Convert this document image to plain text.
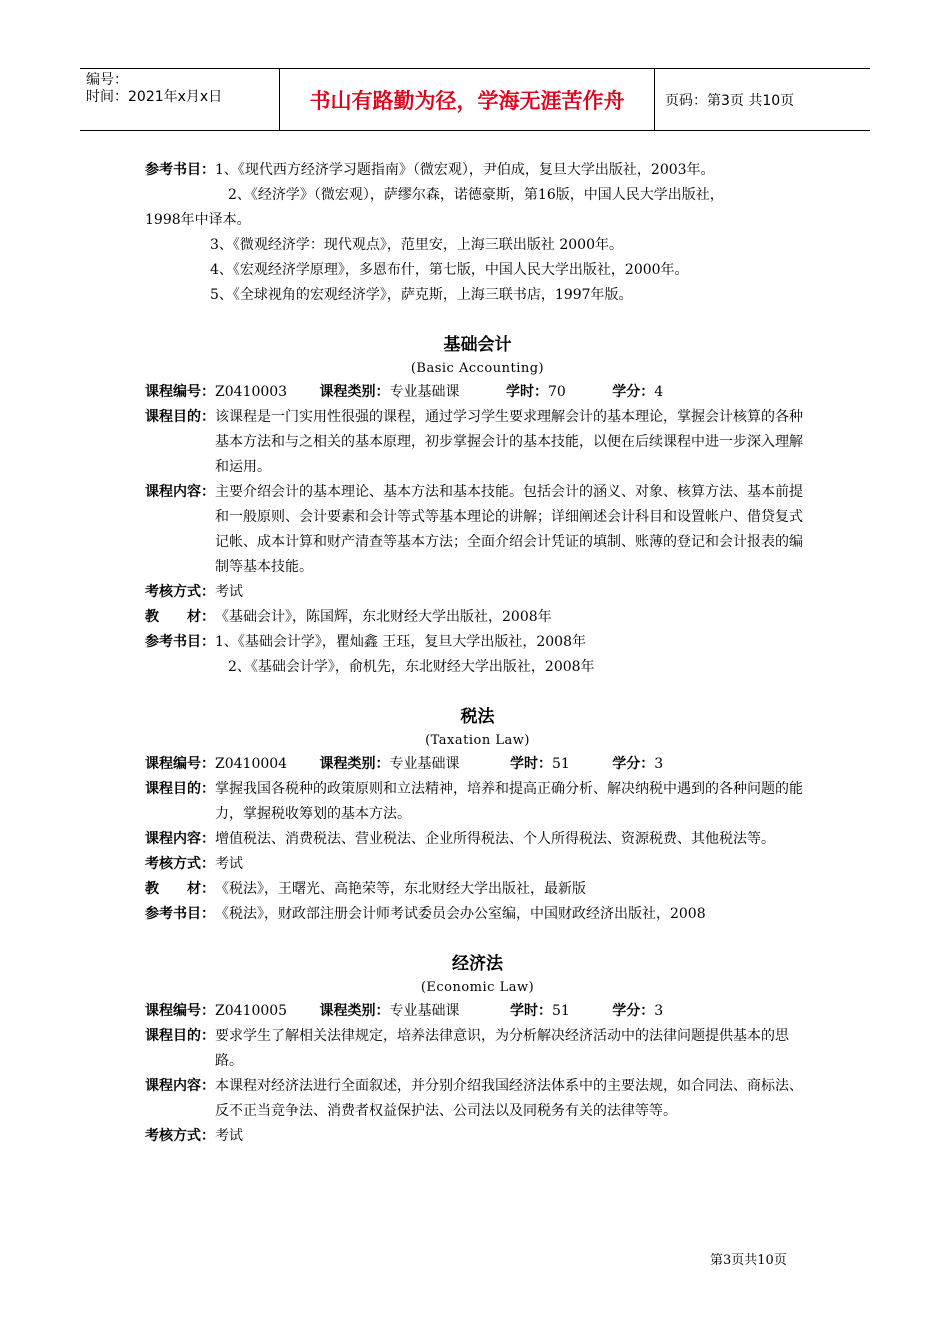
编号：
时间：2021年x月x日	书山有路勤为径，学海无涯苦作舟	页码：第3页 共10页

参考书目：1、《现代西方经济学习题指南》（微宏观），尹伯成，复旦大学出版社，2003年。

2、《经济学》（微宏观），萨缪尔森，诺德豪斯，第16版，中国人民大学出版社，

1998年中译本。

3、《微观经济学：现代观点》，范里安，上海三联出版社 2000年。

4、《宏观经济学原理》，多恩布什，第七版，中国人民大学出版社，2000年。

5、《全球视角的宏观经济学》，萨克斯，上海三联书店，1997年版。

基础会计
(Basic Accounting)

课程编号：Z0410003 课程类别：专业基础课	学时：70	学分：4

课程目的： 该课程是一门实用性很强的课程，通过学习学生要求理解会计的基本理论，掌握会计核算的各种基本方法和与之相关的基本原理，初步掌握会计的基本技能，以便在后续课程中进一步深入理解和运用。
课程内容： 主要介绍会计的基本理论、基本方法和基本技能。包括会计的涵义、对象、核算方法、基本前提和一般原则、会计要素和会计等式等基本理论的讲解；详细阐述会计科目和设置帐户、借贷复式记帐、成本计算和财产清查等基本方法；全面介绍会计凭证的填制、账薄的登记和会计报表的编制等基本技能。
考核方式： 考试
教　　材： 《基础会计》，陈国辉，东北财经大学出版社，2008年
参考书目： 1、《基础会计学》，瞿灿鑫 王珏，复旦大学出版社，2008年

2、《基础会计学》，俞机先，东北财经大学出版社，2008年

税法
(Taxation Law)

课程编号：Z0410004 课程类别：专业基础课	学时：51	学分：3

课程目的： 掌握我国各税种的政策原则和立法精神，培养和提高正确分析、解决纳税中遇到的各种问题的能力，掌握税收筹划的基本方法。
课程内容： 增值税法、消费税法、营业税法、企业所得税法、个人所得税法、资源税费、其他税法等。
考核方式： 考试
教　　材： 《税法》，王曙光、高艳荣等，东北财经大学出版社，最新版
参考书目： 《税法》，财政部注册会计师考试委员会办公室编，中国财政经济出版社，2008
经济法
(Economic Law)

课程编号：Z0410005 课程类别：专业基础课	学时：51	学分：3

课程目的： 要求学生了解相关法律规定，培养法律意识，为分析解决经济活动中的法律问题提供基本的思路。
课程内容： 本课程对经济法进行全面叙述，并分别介绍我国经济法体系中的主要法规，如合同法、商标法、反不正当竞争法、消费者权益保护法、公司法以及同税务有关的法律等等。
考核方式： 考试
第3页共10页
